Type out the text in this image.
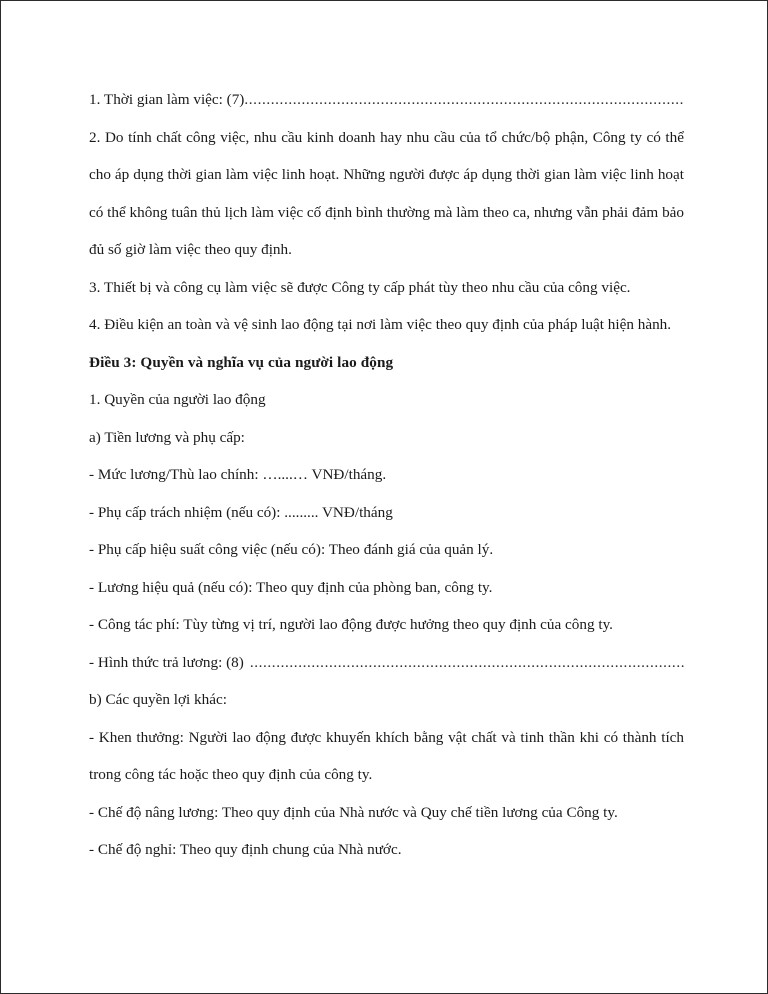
1. Thời gian làm việc: (7)
.....

2. Do tính chất công việc, nhu cầu kinh doanh hay nhu cầu của tổ chức/bộ phận, Công ty có thể cho áp dụng thời gian làm việc linh hoạt. Những người được áp dụng thời gian làm việc linh hoạt có thể không tuân thủ lịch làm việc cố định bình thường mà làm theo ca, nhưng vẫn phải đảm bảo đủ số giờ làm việc theo quy định.

3. Thiết bị và công cụ làm việc sẽ được Công ty cấp phát tùy theo nhu cầu của công việc.

4. Điều kiện an toàn và vệ sinh lao động tại nơi làm việc theo quy định của pháp luật hiện hành.

Điều 3: Quyền và nghĩa vụ của người lao động

1. Quyền của người lao động

a) Tiền lương và phụ cấp:

- Mức lương/Thù lao chính: …....… VNĐ/tháng.

- Phụ cấp trách nhiệm (nếu có): ......... VNĐ/tháng

- Phụ cấp hiệu suất công việc (nếu có): Theo đánh giá của quản lý.

- Lương hiệu quả (nếu có): Theo quy định của phòng ban, công ty.

- Công tác phí: Tùy từng vị trí, người lao động được hưởng theo quy định của công ty.

- Hình thức trả lương: (8)
.....

b) Các quyền lợi khác:

- Khen thưởng: Người lao động được khuyến khích bằng vật chất và tinh thần khi có thành tích trong công tác hoặc theo quy định của công ty.

- Chế độ nâng lương: Theo quy định của Nhà nước và Quy chế tiền lương của Công ty.

- Chế độ nghỉ: Theo quy định chung của Nhà nước.
